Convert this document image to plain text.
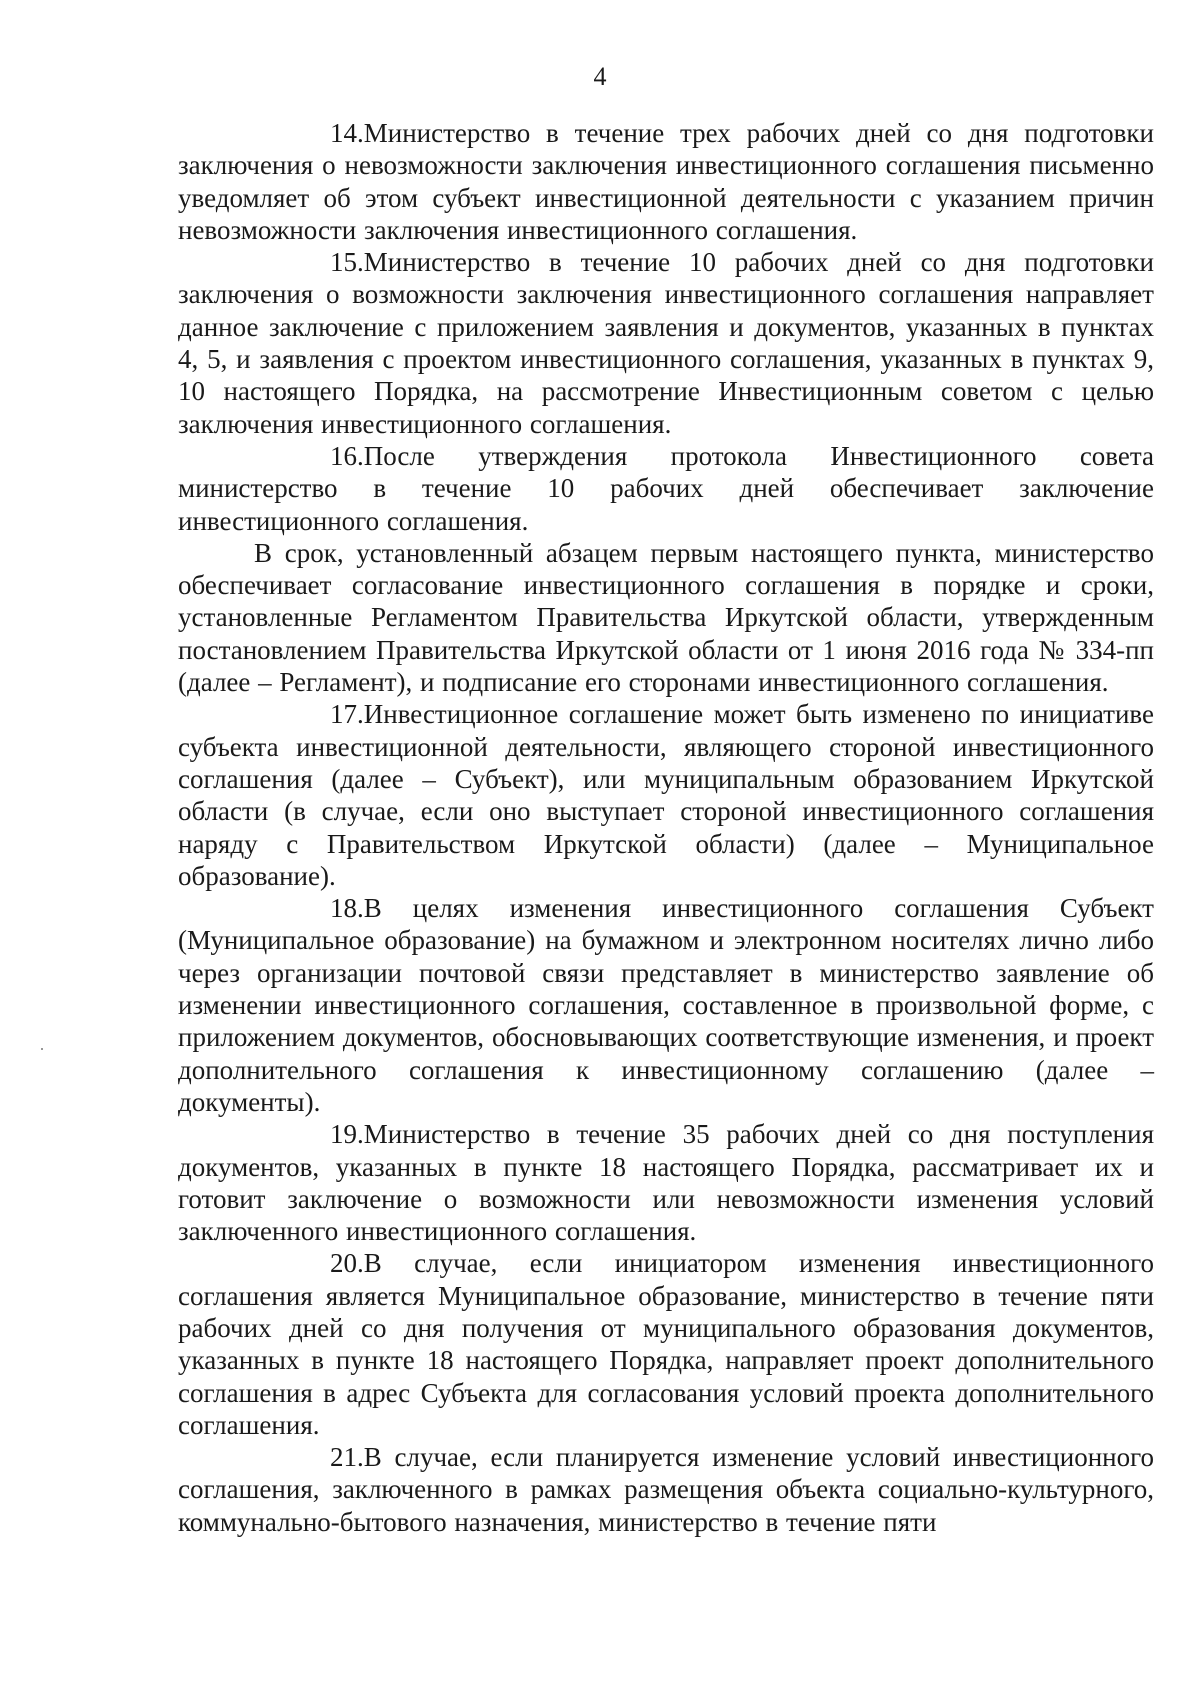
4

14.Министерство в течение трех рабочих дней со дня подготовки заключения о невозможности заключения инвестиционного соглашения письменно уведомляет об этом субъект инвестиционной деятельности с указанием причин невозможности заключения инвестиционного соглашения.

15.Министерство в течение 10 рабочих дней со дня подготовки заключения о возможности заключения инвестиционного соглашения направляет данное заключение с приложением заявления и документов, указанных в пунктах 4, 5, и заявления с проектом инвестиционного соглашения, указанных в пунктах 9, 10 настоящего Порядка, на рассмотрение Инвестиционным советом с целью заключения инвестиционного соглашения.

16.После утверждения протокола Инвестиционного совета министерство в течение 10 рабочих дней обеспечивает заключение инвестиционного соглашения.

В срок, установленный абзацем первым настоящего пункта, министерство обеспечивает согласование инвестиционного соглашения в порядке и сроки, установленные Регламентом Правительства Иркутской области, утвержденным постановлением Правительства Иркутской области от 1 июня 2016 года № 334-пп (далее – Регламент), и подписание его сторонами инвестиционного соглашения.

17.Инвестиционное соглашение может быть изменено по инициативе субъекта инвестиционной деятельности, являющего стороной инвестиционного соглашения (далее – Субъект), или муниципальным образованием Иркутской области (в случае, если оно выступает стороной инвестиционного соглашения наряду с Правительством Иркутской области) (далее – Муниципальное образование).

18.В целях изменения инвестиционного соглашения Субъект (Муниципальное образование) на бумажном и электронном носителях лично либо через организации почтовой связи представляет в министерство заявление об изменении инвестиционного соглашения, составленное в произвольной форме, с приложением документов, обосновывающих соответствующие изменения, и проект дополнительного соглашения к инвестиционному соглашению (далее – документы).

19.Министерство в течение 35 рабочих дней со дня поступления документов, указанных в пункте 18 настоящего Порядка, рассматривает их и готовит заключение о возможности или невозможности изменения условий заключенного инвестиционного соглашения.

20.В случае, если инициатором изменения инвестиционного соглашения является Муниципальное образование, министерство в течение пяти рабочих дней со дня получения от муниципального образования документов, указанных в пункте 18 настоящего Порядка, направляет проект дополнительного соглашения в адрес Субъекта для согласования условий проекта дополнительного соглашения.

21.В случае, если планируется изменение условий инвестиционного соглашения, заключенного в рамках размещения объекта социально-культурного, коммунально-бытового назначения, министерство в течение пяти
